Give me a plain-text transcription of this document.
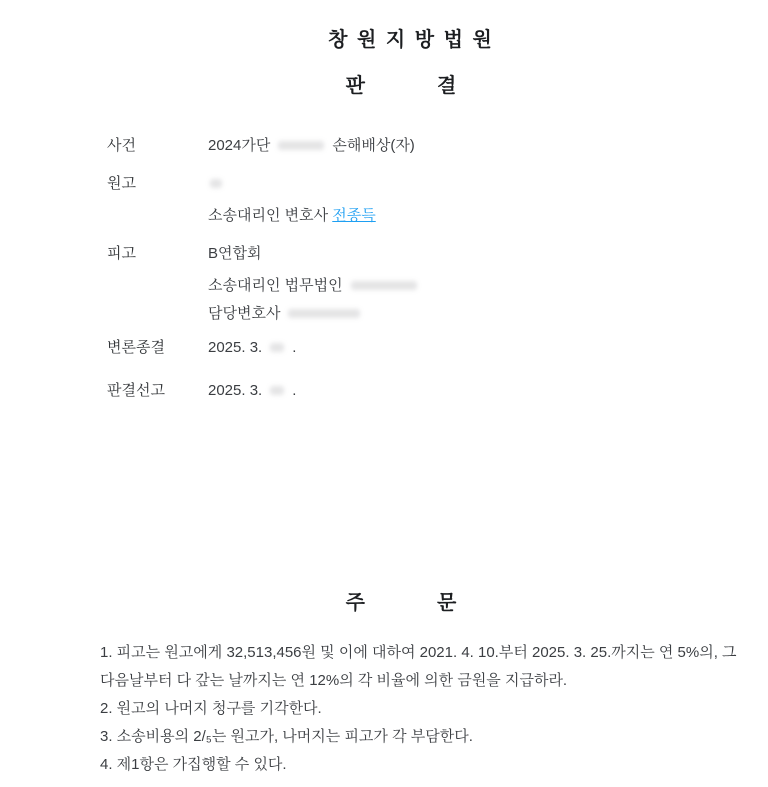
창 원 지 방 법 원
판	결
사건	2024가단	손해배상(자)
원고
소송대리인 변호사 전종득
피고	B연합회
소송대리인 법무법인
담당변호사
변론종결	2025. 3. .
판결선고	2025. 3. .
주	문

1. 피고는 원고에게 32,513,456원 및 이에 대하여 2021. 4. 10.부터 2025. 3. 25.까지는 연 5%의, 그 다음날부터 다 갚는 날까지는 연 12%의 각 비율에 의한 금원을 지급하라.

2. 원고의 나머지 청구를 기각한다.

3. 소송비용의 2/₅는 원고가, 나머지는 피고가 각 부담한다.

4. 제1항은 가집행할 수 있다.
